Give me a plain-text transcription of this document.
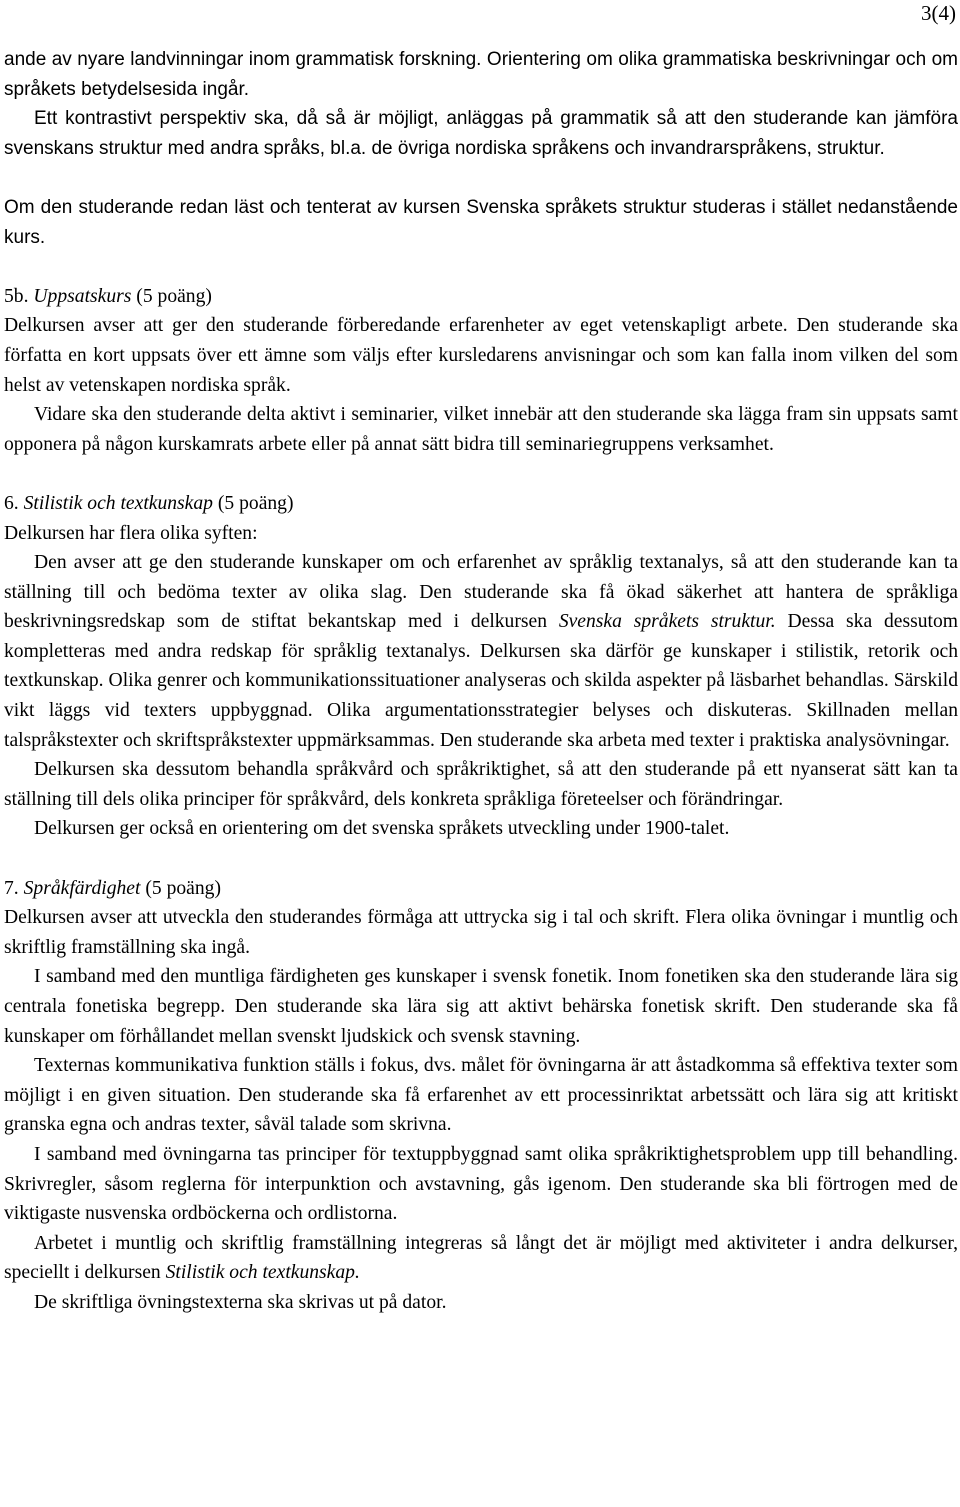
3(4)

ande av nyare landvinningar inom grammatisk forskning. Orientering om olika grammatiska beskrivningar och om språkets betydelsesida ingår.

Ett kontrastivt perspektiv ska, då så är möjligt, anläggas på grammatik så att den studerande kan jämföra svenskans struktur med andra språks, bl.a. de övriga nordiska språkens och invandrarspråkens, struktur.

Om den studerande redan läst och tenterat av kursen Svenska språkets struktur studeras i stället nedanstående kurs.

5b. Uppsatskurs (5 poäng)

Delkursen avser att ger den studerande förberedande erfarenheter av eget vetenskapligt arbete. Den studerande ska författa en kort uppsats över ett ämne som väljs efter kursledarens anvisningar och som kan falla inom vilken del som helst av vetenskapen nordiska språk.

Vidare ska den studerande delta aktivt i seminarier, vilket innebär att den studerande ska lägga fram sin uppsats samt opponera på någon kurskamrats arbete eller på annat sätt bidra till seminariegruppens verksamhet.

6. Stilistik och textkunskap (5 poäng)

Delkursen har flera olika syften:

Den avser att ge den studerande kunskaper om och erfarenhet av språklig textanalys, så att den studerande kan ta ställning till och bedöma texter av olika slag. Den studerande ska få ökad säkerhet att hantera de språkliga beskrivningsredskap som de stiftat bekantskap med i delkursen Svenska språkets struktur. Dessa ska dessutom kompletteras med andra redskap för språklig textanalys. Delkursen ska därför ge kunskaper i stilistik, retorik och textkunskap. Olika genrer och kommunikationssituationer analyseras och skilda aspekter på läsbarhet behandlas. Särskild vikt läggs vid texters uppbyggnad. Olika argumentationsstrategier belyses och diskuteras. Skillnaden mellan talspråkstexter och skriftspråkstexter uppmärksammas. Den studerande ska arbeta med texter i praktiska analysövningar.

Delkursen ska dessutom behandla språkvård och språkriktighet, så att den studerande på ett nyanserat sätt kan ta ställning till dels olika principer för språkvård, dels konkreta språkliga företeelser och förändringar.

Delkursen ger också en orientering om det svenska språkets utveckling under 1900-talet.

7. Språkfärdighet (5 poäng)

Delkursen avser att utveckla den studerandes förmåga att uttrycka sig i tal och skrift. Flera olika övningar i muntlig och skriftlig framställning ska ingå.

I samband med den muntliga färdigheten ges kunskaper i svensk fonetik. Inom fonetiken ska den studerande lära sig centrala fonetiska begrepp. Den studerande ska lära sig att aktivt behärska fonetisk skrift. Den studerande ska få kunskaper om förhållandet mellan svenskt ljudskick och svensk stavning.

Texternas kommunikativa funktion ställs i fokus, dvs. målet för övningarna är att åstadkomma så effektiva texter som möjligt i en given situation. Den studerande ska få erfarenhet av ett processinriktat arbetssätt och lära sig att kritiskt granska egna och andras texter, såväl talade som skrivna.

I samband med övningarna tas principer för textuppbyggnad samt olika språkriktighetsproblem upp till behandling. Skrivregler, såsom reglerna för interpunktion och avstavning, gås igenom. Den studerande ska bli förtrogen med de viktigaste nusvenska ordböckerna och ordlistorna.

Arbetet i muntlig och skriftlig framställning integreras så långt det är möjligt med aktiviteter i andra delkurser, speciellt i delkursen Stilistik och textkunskap.

De skriftliga övningstexterna ska skrivas ut på dator.
